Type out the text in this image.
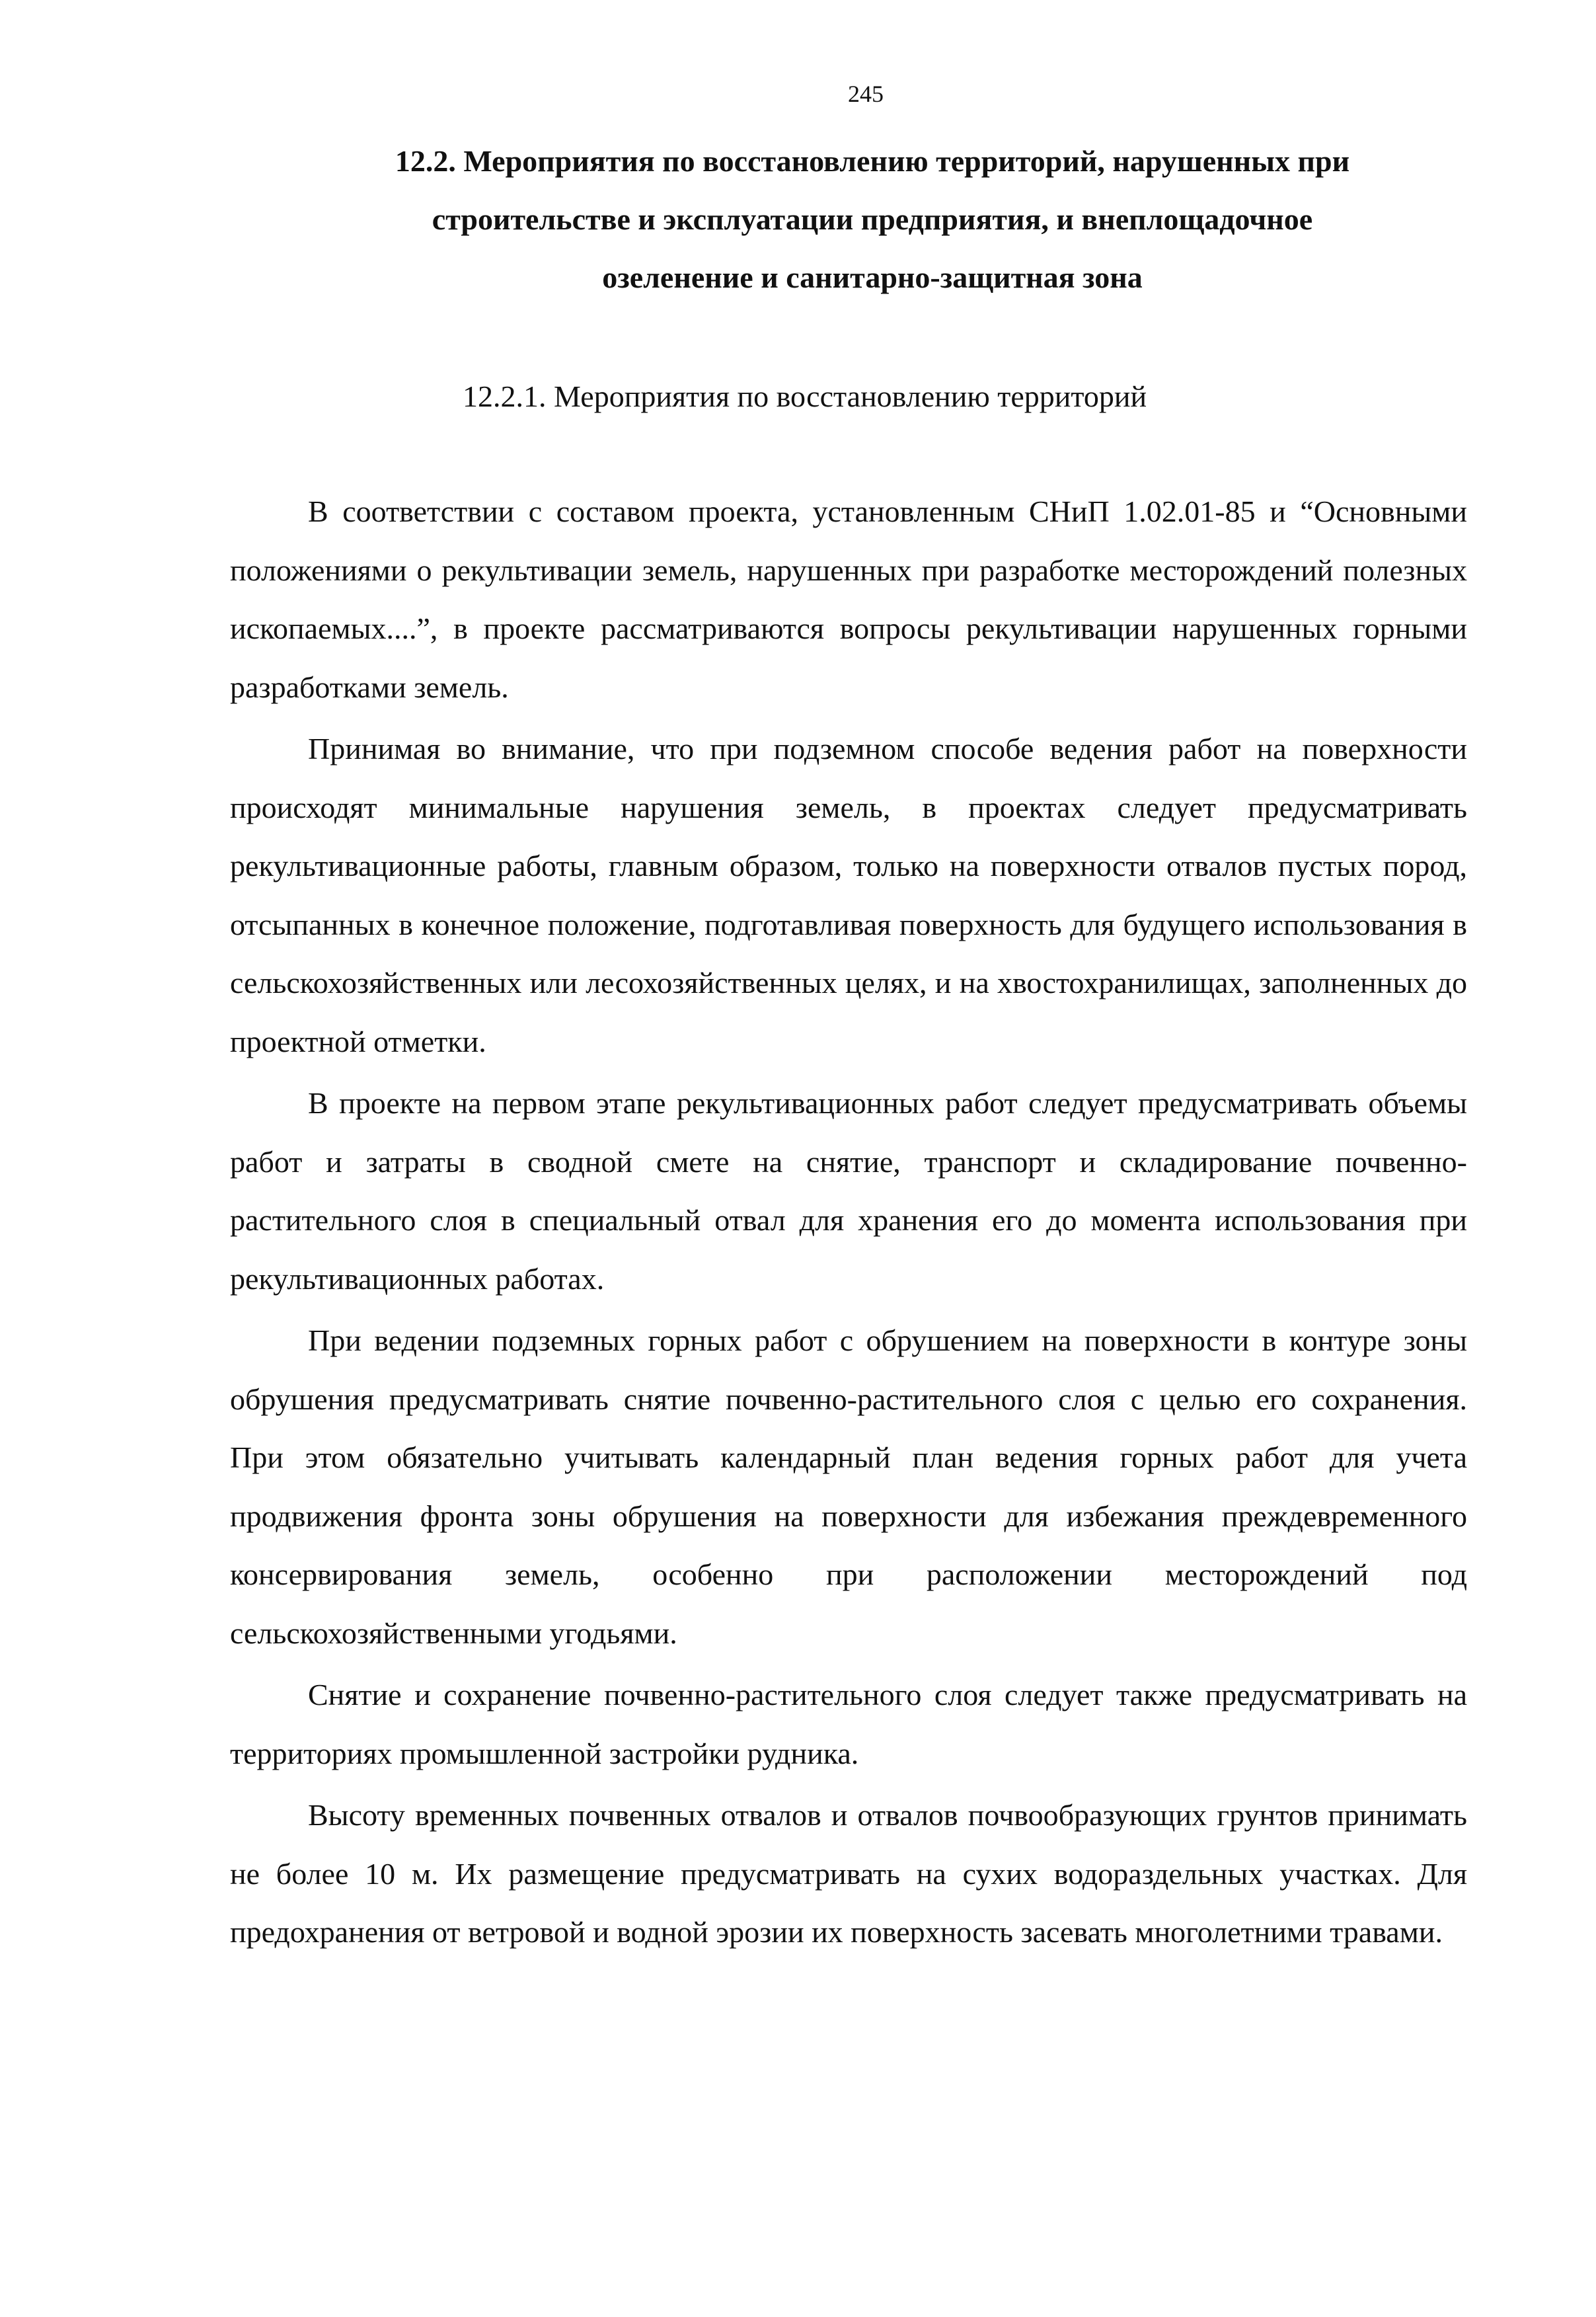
245
12.2. Мероприятия по восстановлению территорий, нарушенных при
строительстве и эксплуатации предприятия, и внеплощадочное
озеленение и санитарно-защитная зона
12.2.1. Мероприятия по восстановлению территорий

В соответствии с составом проекта, установленным СНиП 1.02.01-85 и “Основными положениями о рекультивации земель, нарушенных при разработке месторождений полезных ископаемых....”, в проекте рассматриваются вопросы рекультивации нарушенных горными разработками земель.

Принимая во внимание, что при подземном способе ведения работ на поверхности происходят минимальные нарушения земель, в проектах следует предусматривать рекультивационные работы, главным образом, только на поверхности отвалов пустых пород, отсыпанных в конечное положение, подготавливая поверхность для будущего использования в сельскохозяйственных или лесохозяйственных целях, и на хвостохранилищах, заполненных до проектной отметки.

В проекте на первом этапе рекультивационных работ следует предусматривать объемы работ и затраты в сводной смете на снятие, транспорт и складирование почвенно-растительного слоя в специальный отвал для хранения его до момента использования при рекультивационных работах.

При ведении подземных горных работ с обрушением на поверхности в контуре зоны обрушения предусматривать снятие почвенно-растительного слоя с целью его сохранения. При этом обязательно учитывать календарный план ведения горных работ для учета продвижения фронта зоны обрушения на поверхности для избежания преждевременного консервирования земель, особенно при расположении месторождений под сельскохозяйственными угодьями.

Снятие и сохранение почвенно-растительного слоя следует также предусматривать на территориях промышленной застройки рудника.

Высоту временных почвенных отвалов и отвалов почвообразующих грунтов принимать не более 10 м. Их размещение предусматривать на сухих водораздельных участках. Для предохранения от ветровой и водной эрозии их поверхность засевать многолетними травами.
